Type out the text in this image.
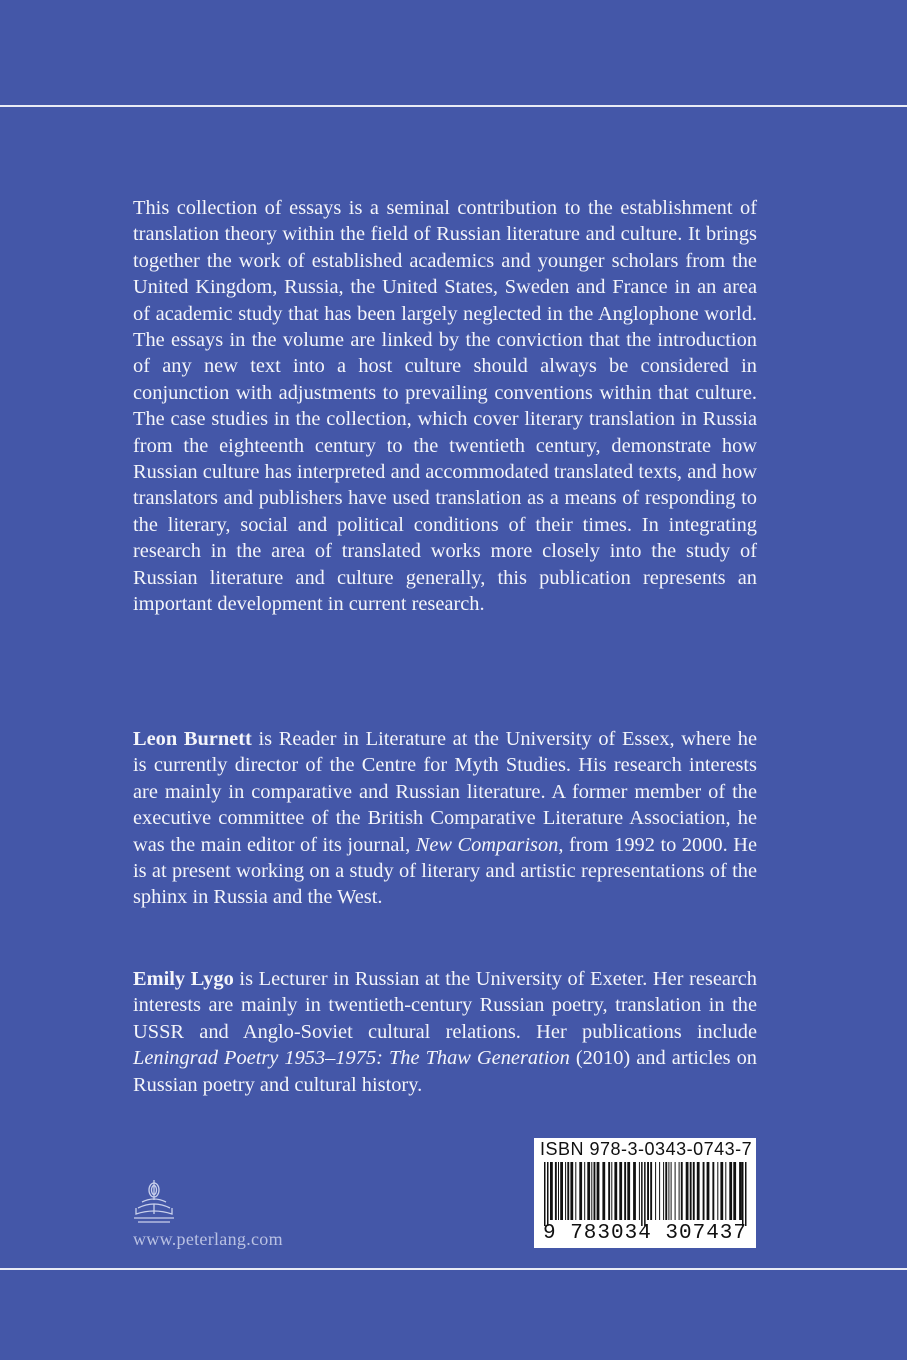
This collection of essays is a seminal contribution to the establishment of translation theory within the field of Russian literature and culture. It brings together the work of established academics and younger scholars from the United Kingdom, Russia, the United States, Sweden and France in an area of academic study that has been largely neglected in the Anglophone world. The essays in the volume are linked by the conviction that the introduction of any new text into a host culture should always be considered in conjunction with adjustments to prevailing conventions within that culture. The case studies in the collection, which cover literary translation in Russia from the eighteenth century to the twentieth century, demonstrate how Russian culture has interpreted and accommodated translated texts, and how translators and publishers have used translation as a means of responding to the literary, social and political conditions of their times. In integrating research in the area of translated works more closely into the study of Russian literature and culture generally, this publication represents an important development in current research.
Leon Burnett is Reader in Literature at the University of Essex, where he is currently director of the Centre for Myth Studies. His research interests are mainly in comparative and Russian literature. A former member of the executive committee of the British Comparative Literature Association, he was the main editor of its journal, New Comparison, from 1992 to 2000. He is at present working on a study of literary and artistic representations of the sphinx in Russia and the West.
Emily Lygo is Lecturer in Russian at the University of Exeter. Her research interests are mainly in twentieth-century Russian poetry, translation in the USSR and Anglo-Soviet cultural relations. Her publications include Leningrad Poetry 1953–1975: The Thaw Generation (2010) and articles on Russian poetry and cultural history.
www.peterlang.com
ISBN 978-3-0343-0743-7
9 783034 307437
